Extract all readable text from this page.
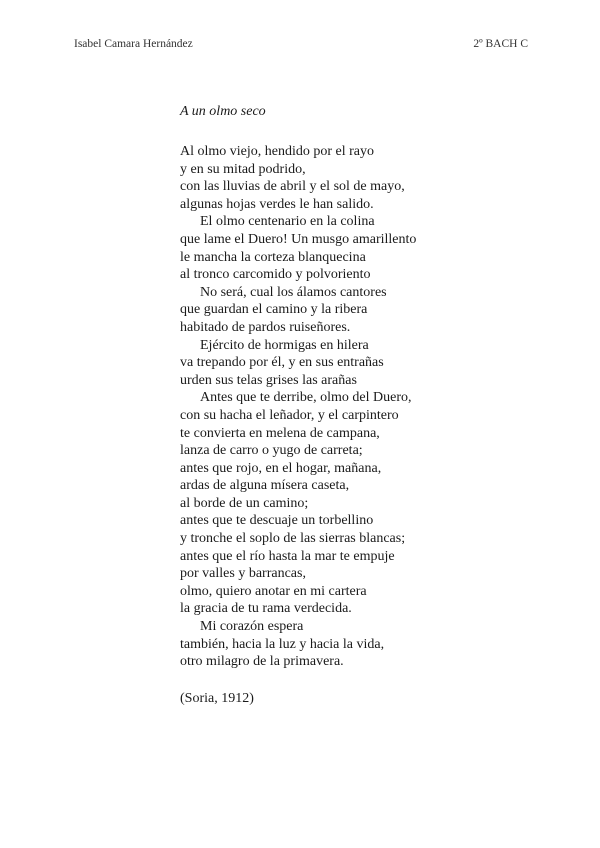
Isabel Camara Hernández	2º BACH C
A un olmo seco
Al olmo viejo, hendido por el rayo
y en su mitad podrido,
con las lluvias de abril y el sol de mayo,
algunas hojas verdes le han salido.
El olmo centenario en la colina
que lame el Duero! Un musgo amarillento
le mancha la corteza blanquecina
al tronco carcomido y polvoriento
No será, cual los álamos cantores
que guardan el camino y la ribera
habitado de pardos ruiseñores.
Ejército de hormigas en hilera
va trepando por él, y en sus entrañas
urden sus telas grises las arañas
Antes que te derribe, olmo del Duero,
con su hacha el leñador, y el carpintero
te convierta en melena de campana,
lanza de carro o yugo de carreta;
antes que rojo, en el hogar, mañana,
ardas de alguna mísera caseta,
al borde de un camino;
antes que te descuaje un torbellino
y tronche el soplo de las sierras blancas;
antes que el río hasta la mar te empuje
por valles y barrancas,
olmo, quiero anotar en mi cartera
la gracia de tu rama verdecida.
Mi corazón espera
también, hacia la luz y hacia la vida,
otro milagro de la primavera.
(Soria, 1912)
